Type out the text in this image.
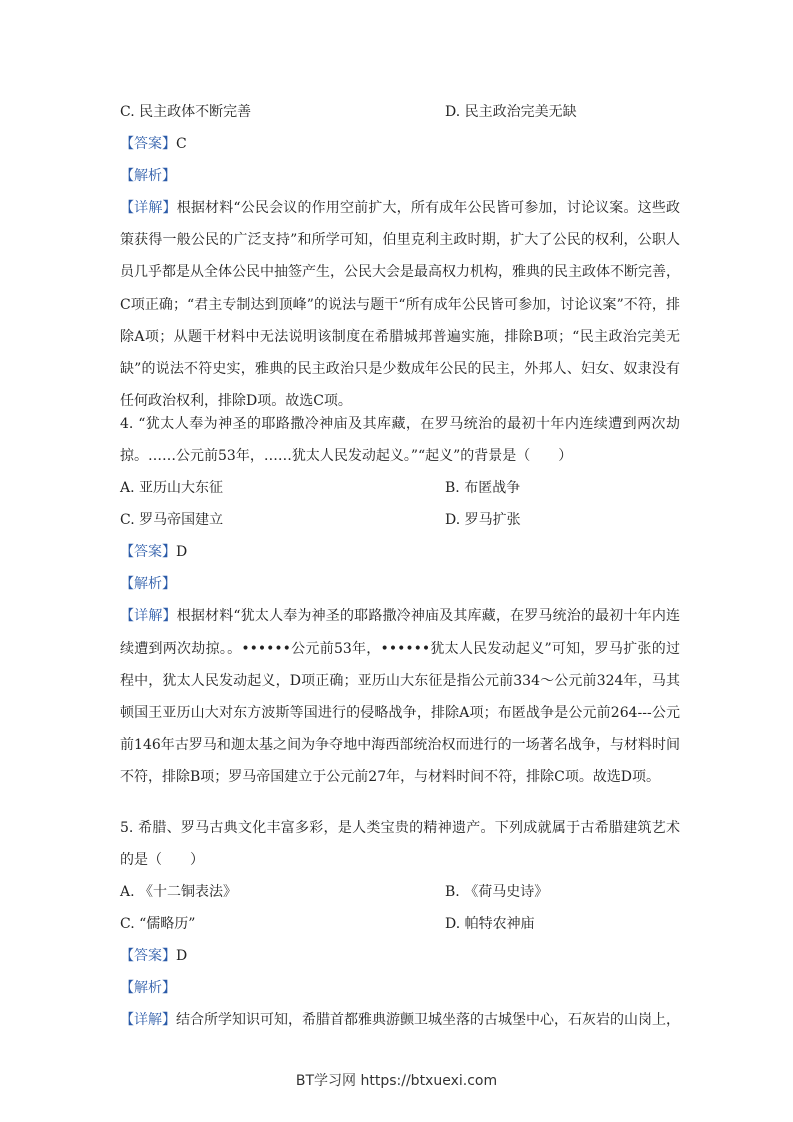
C. 民主政体不断完善	D. 民主政治完美无缺
【答案】C
【解析】
【详解】根据材料“公民会议的作用空前扩大，所有成年公民皆可参加，讨论议案。这些政策获得一般公民的广泛支持”和所学可知，伯里克利主政时期，扩大了公民的权利，公职人员几乎都是从全体公民中抽签产生，公民大会是最高权力机构，雅典的民主政体不断完善，C项正确；“君主专制达到顶峰”的说法与题干“所有成年公民皆可参加，讨论议案”不符，排除A项；从题干材料中无法说明该制度在希腊城邦普遍实施，排除B项；“民主政治完美无缺”的说法不符史实，雅典的民主政治只是少数成年公民的民主，外邦人、妇女、奴隶没有任何政治权利，排除D项。故选C项。
4. “犹太人奉为神圣的耶路撒冷神庙及其库藏，在罗马统治的最初十年内连续遭到两次劫掠。……公元前53年，……犹太人民发动起义。”“起义”的背景是（　　）
A. 亚历山大东征	B. 布匿战争
C. 罗马帝国建立	D. 罗马扩张
【答案】D
【解析】
【详解】根据材料“犹太人奉为神圣的耶路撒冷神庙及其库藏，在罗马统治的最初十年内连续遭到两次劫掠。。••••••公元前53年，••••••犹太人民发动起义”可知，罗马扩张的过程中，犹太人民发动起义，D项正确；亚历山大东征是指公元前334～公元前324年，马其顿国王亚历山大对东方波斯等国进行的侵略战争，排除A项；布匿战争是公元前264---公元前146年古罗马和迦太基之间为争夺地中海西部统治权而进行的一场著名战争，与材料时间不符，排除B项；罗马帝国建立于公元前27年，与材料时间不符，排除C项。故选D项。
5. 希腊、罗马古典文化丰富多彩，是人类宝贵的精神遗产。下列成就属于古希腊建筑艺术的是（　　）
A. 《十二铜表法》	B. 《荷马史诗》
C. “儒略历”	D. 帕特农神庙
【答案】D
【解析】
【详解】结合所学知识可知，希腊首都雅典游颤卫城坐落的古城堡中心，石灰岩的山岗上，
BT学习网 https://btxuexi.com
